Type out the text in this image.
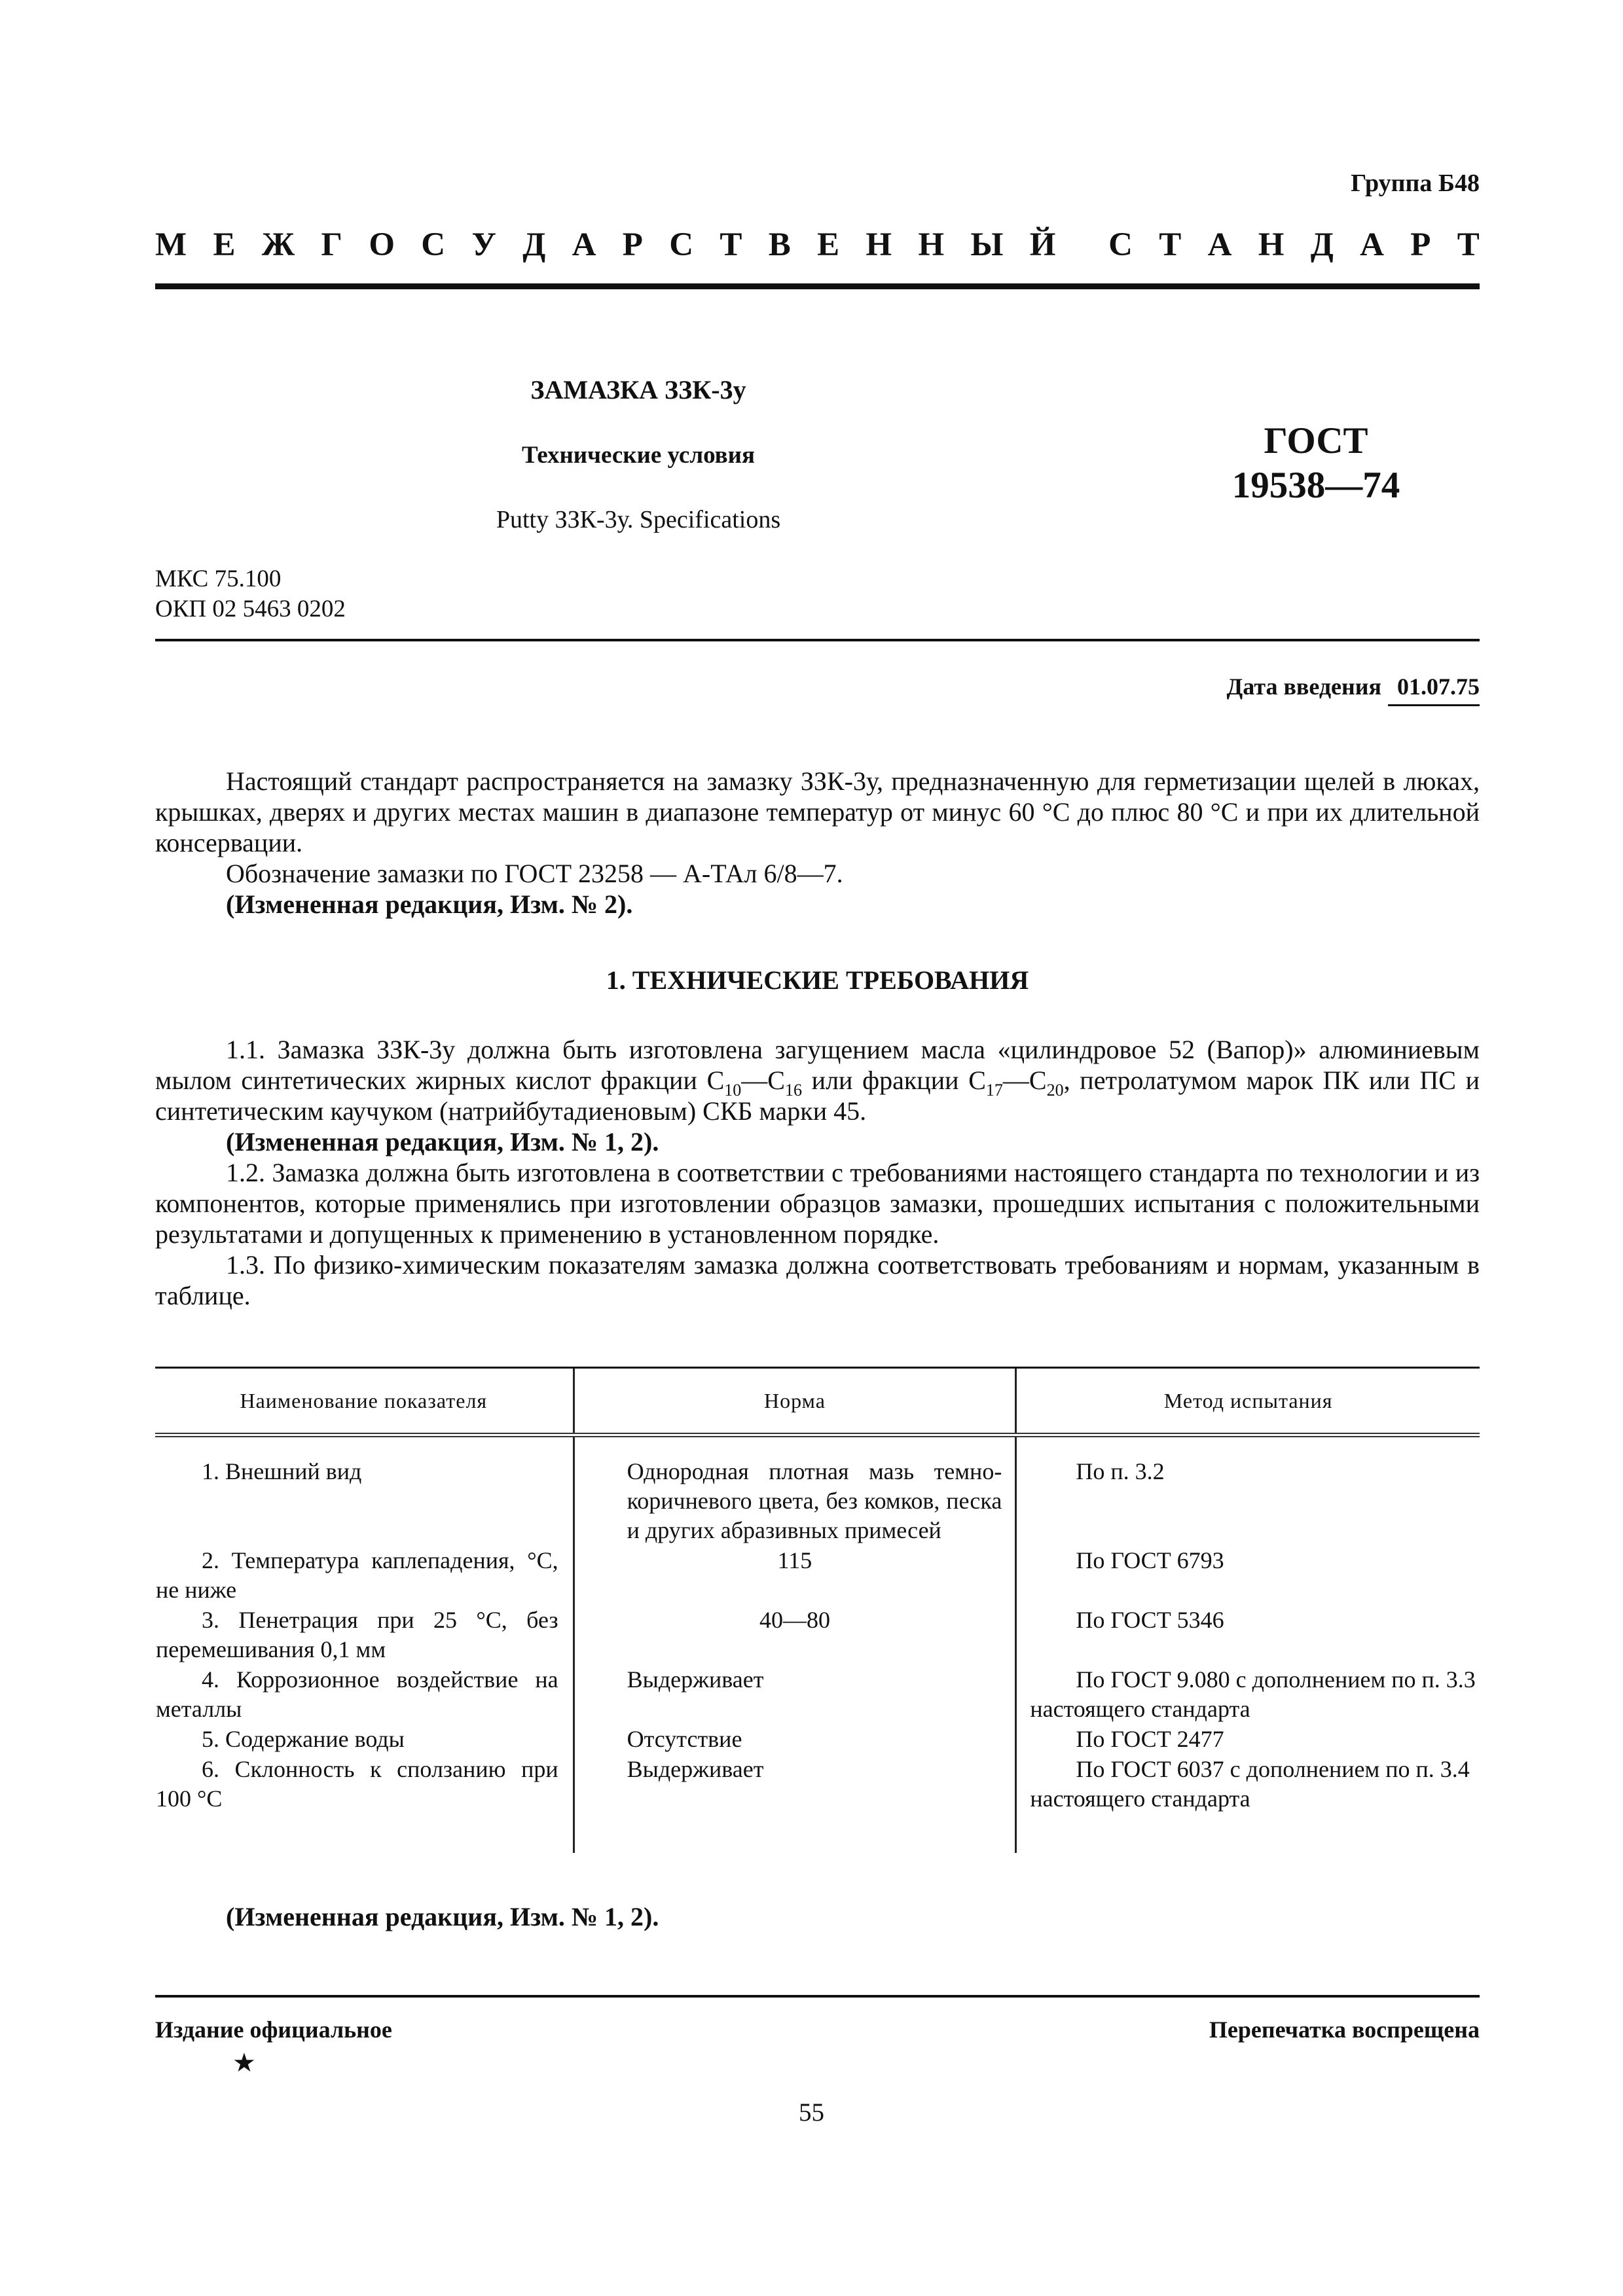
Группа Б48
М Е Ж Г О С У Д А Р С Т В Е Н Н Ы Й С Т А Н Д А Р Т
ЗАМАЗКА ЗЗК-3у
Технические условия
Putty ЗЗК-3у. Specifications
ГОСТ
19538—74
МКС 75.100
ОКП 02 5463 0202
Дата введения 01.07.75

Настоящий стандарт распространяется на замазку ЗЗК-3у, предназначенную для герметизации щелей в люках, крышках, дверях и других местах машин в диапазоне температур от минус 60 °С до плюс 80 °С и при их длительной консервации.

Обозначение замазки по ГОСТ 23258 — А-ТАл 6/8—7.

(Измененная редакция, Изм. № 2).

1. ТЕХНИЧЕСКИЕ ТРЕБОВАНИЯ

1.1. Замазка ЗЗК-3у должна быть изготовлена загущением масла «цилиндровое 52 (Вапор)» алюминиевым мылом синтетических жирных кислот фракции $С_{10}—С_{16}$ или фракции $С_{17}—С_{20}$, петролатумом марок ПК или ПС и синтетическим каучуком (натрийбутадиеновым) СКБ марки 45.

(Измененная редакция, Изм. № 1, 2).

1.2. Замазка должна быть изготовлена в соответствии с требованиями настоящего стандарта по технологии и из компонентов, которые применялись при изготовлении образцов замазки, прошедших испытания с положительными результатами и допущенных к применению в установленном порядке.

1.3. По физико-химическим показателям замазка должна соответствовать требованиям и нормам, указанным в таблице.

Наименование показателя	Норма	Метод испытания

1. Внешний вид	Однородная плотная мазь темно-коричневого цвета, без комков, песка и других абразивных примесей	По п. 3.2

2. Температура каплепадения, °С, не ниже	115	По ГОСТ 6793

3. Пенетрация при 25 °С, без перемешивания 0,1 мм	40—80	По ГОСТ 5346

4. Коррозионное воздействие на металлы	Выдерживает	По ГОСТ 9.080 с дополнением по п. 3.3 настоящего стандарта

5. Содержание воды	Отсутствие	По ГОСТ 2477

6. Склонность к сползанию при 100 °С	Выдерживает	По ГОСТ 6037 с дополнением по п. 3.4 настоящего стандарта

(Измененная редакция, Изм. № 1, 2).
Издание официальное	Перепечатка воспрещена
★
55
